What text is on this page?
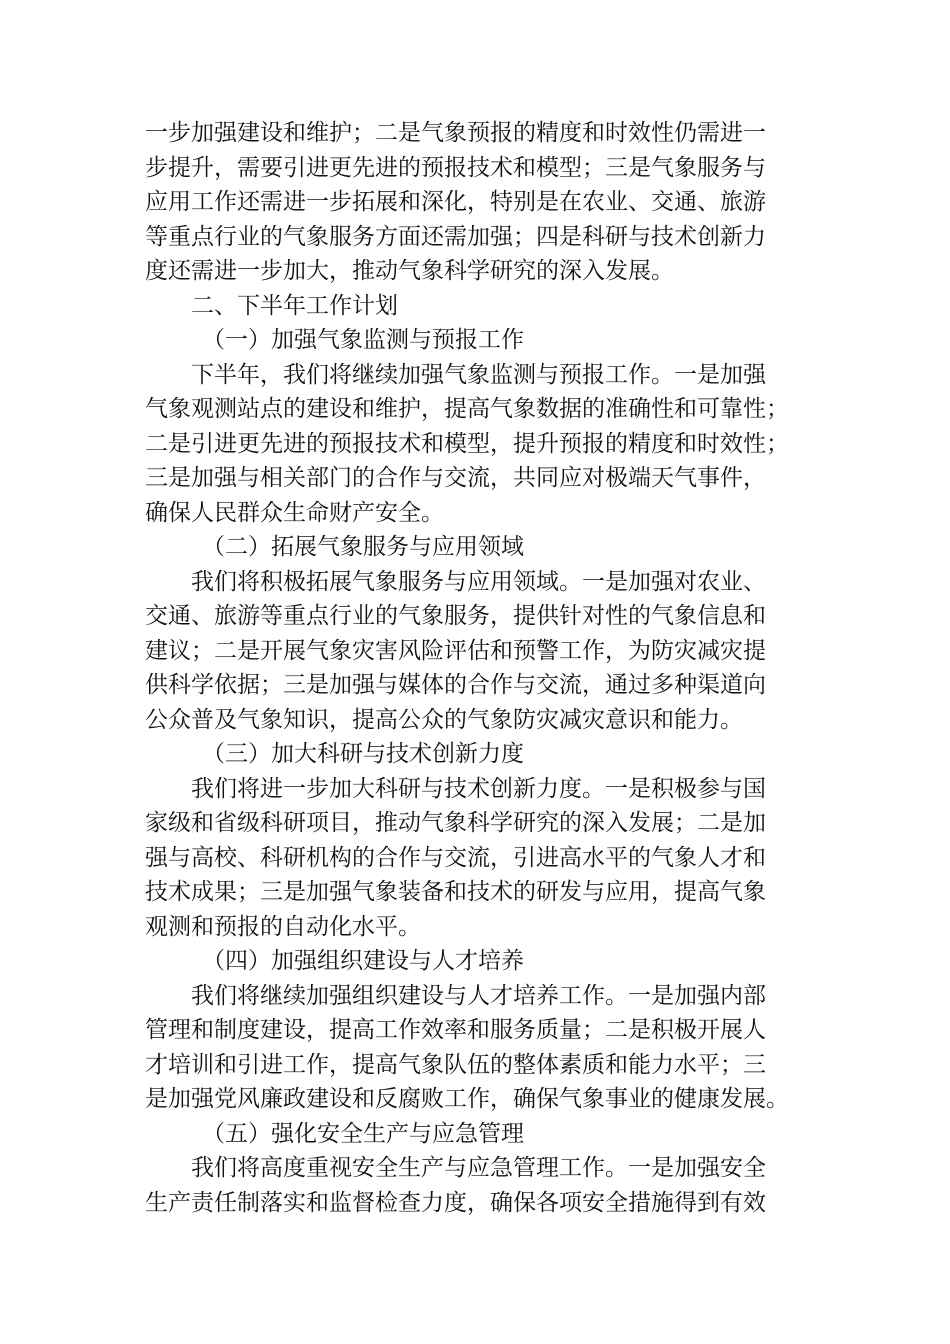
一步加强建设和维护；二是气象预报的精度和时效性仍需进一
步提升，需要引进更先进的预报技术和模型；三是气象服务与
应用工作还需进一步拓展和深化，特别是在农业、交通、旅游
等重点行业的气象服务方面还需加强；四是科研与技术创新力
度还需进一步加大，推动气象科学研究的深入发展。
二、下半年工作计划
（一）加强气象监测与预报工作
下半年，我们将继续加强气象监测与预报工作。一是加强
气象观测站点的建设和维护，提高气象数据的准确性和可靠性；
二是引进更先进的预报技术和模型，提升预报的精度和时效性；
三是加强与相关部门的合作与交流，共同应对极端天气事件，
确保人民群众生命财产安全。
（二）拓展气象服务与应用领域
我们将积极拓展气象服务与应用领域。一是加强对农业、
交通、旅游等重点行业的气象服务，提供针对性的气象信息和
建议；二是开展气象灾害风险评估和预警工作，为防灾减灾提
供科学依据；三是加强与媒体的合作与交流，通过多种渠道向
公众普及气象知识，提高公众的气象防灾减灾意识和能力。
（三）加大科研与技术创新力度
我们将进一步加大科研与技术创新力度。一是积极参与国
家级和省级科研项目，推动气象科学研究的深入发展；二是加
强与高校、科研机构的合作与交流，引进高水平的气象人才和
技术成果；三是加强气象装备和技术的研发与应用，提高气象
观测和预报的自动化水平。
（四）加强组织建设与人才培养
我们将继续加强组织建设与人才培养工作。一是加强内部
管理和制度建设，提高工作效率和服务质量；二是积极开展人
才培训和引进工作，提高气象队伍的整体素质和能力水平；三
是加强党风廉政建设和反腐败工作，确保气象事业的健康发展。
（五）强化安全生产与应急管理
我们将高度重视安全生产与应急管理工作。一是加强安全
生产责任制落实和监督检查力度，确保各项安全措施得到有效
